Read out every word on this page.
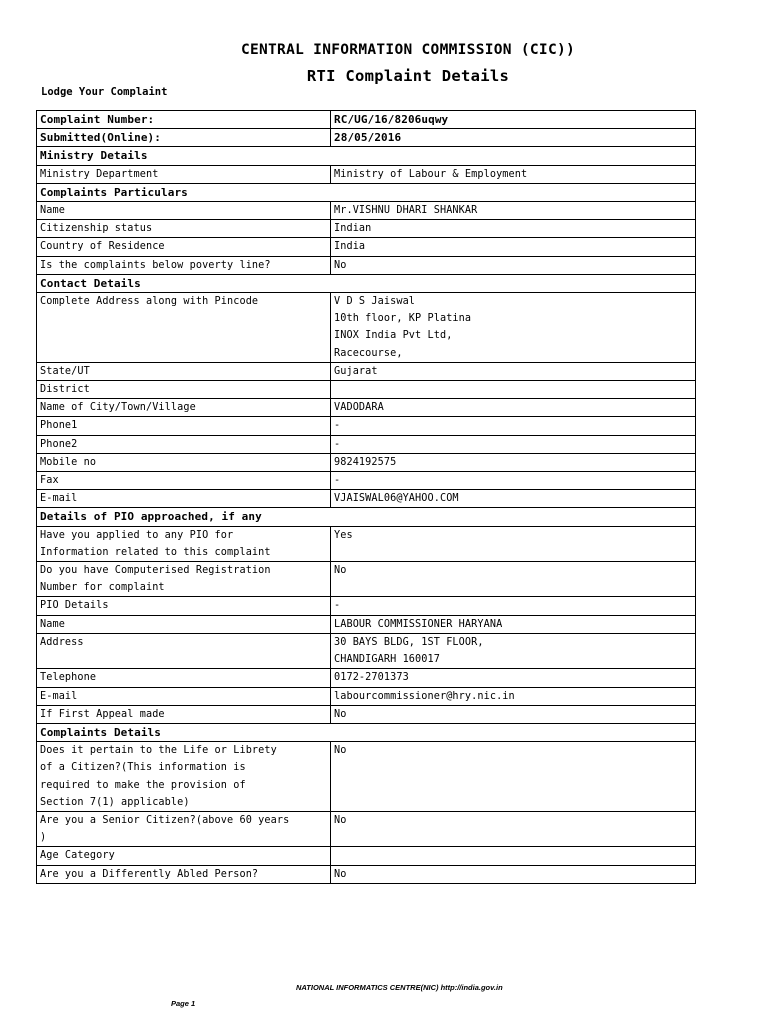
CENTRAL INFORMATION COMMISSION (CIC))
RTI Complaint Details
Lodge Your Complaint
Complaint Number:	RC/UG/16/8206uqwy
Submitted(Online):	28/05/2016
Ministry Details	
Ministry Department	Ministry of Labour & Employment
Complaints Particulars	
Name	Mr.VISHNU DHARI SHANKAR
Citizenship status	Indian
Country of Residence	India
Is the complaints below poverty line?	No
Contact Details	
Complete Address along with Pincode	V D S Jaiswal
10th floor, KP Platina
INOX India Pvt Ltd,
Racecourse,
State/UT	Gujarat
District	
Name of City/Town/Village	VADODARA
Phone1	-
Phone2	-
Mobile no	9824192575
Fax	-
E-mail	VJAISWAL06@YAHOO.COM
Details of PIO approached, if any	
Have you applied to any PIO for
Information related to this complaint	Yes
Do you have Computerised Registration
Number for complaint	No
PIO Details	-
Name	LABOUR COMMISSIONER HARYANA
Address	30 BAYS BLDG, 1ST FLOOR,
CHANDIGARH 160017
Telephone	0172-2701373
E-mail	labourcommissioner@hry.nic.in
If First Appeal made	No
Complaints Details	
Does it pertain to the Life or Librety
of a Citizen?(This information is
required to make the provision of
Section 7(1) applicable)	No
Are you a Senior Citizen?(above 60 years
)	No
Age Category	
Are you a Differently Abled Person?	No
NATIONAL INFORMATICS CENTRE(NIC) http://india.gov.in
Page 1
